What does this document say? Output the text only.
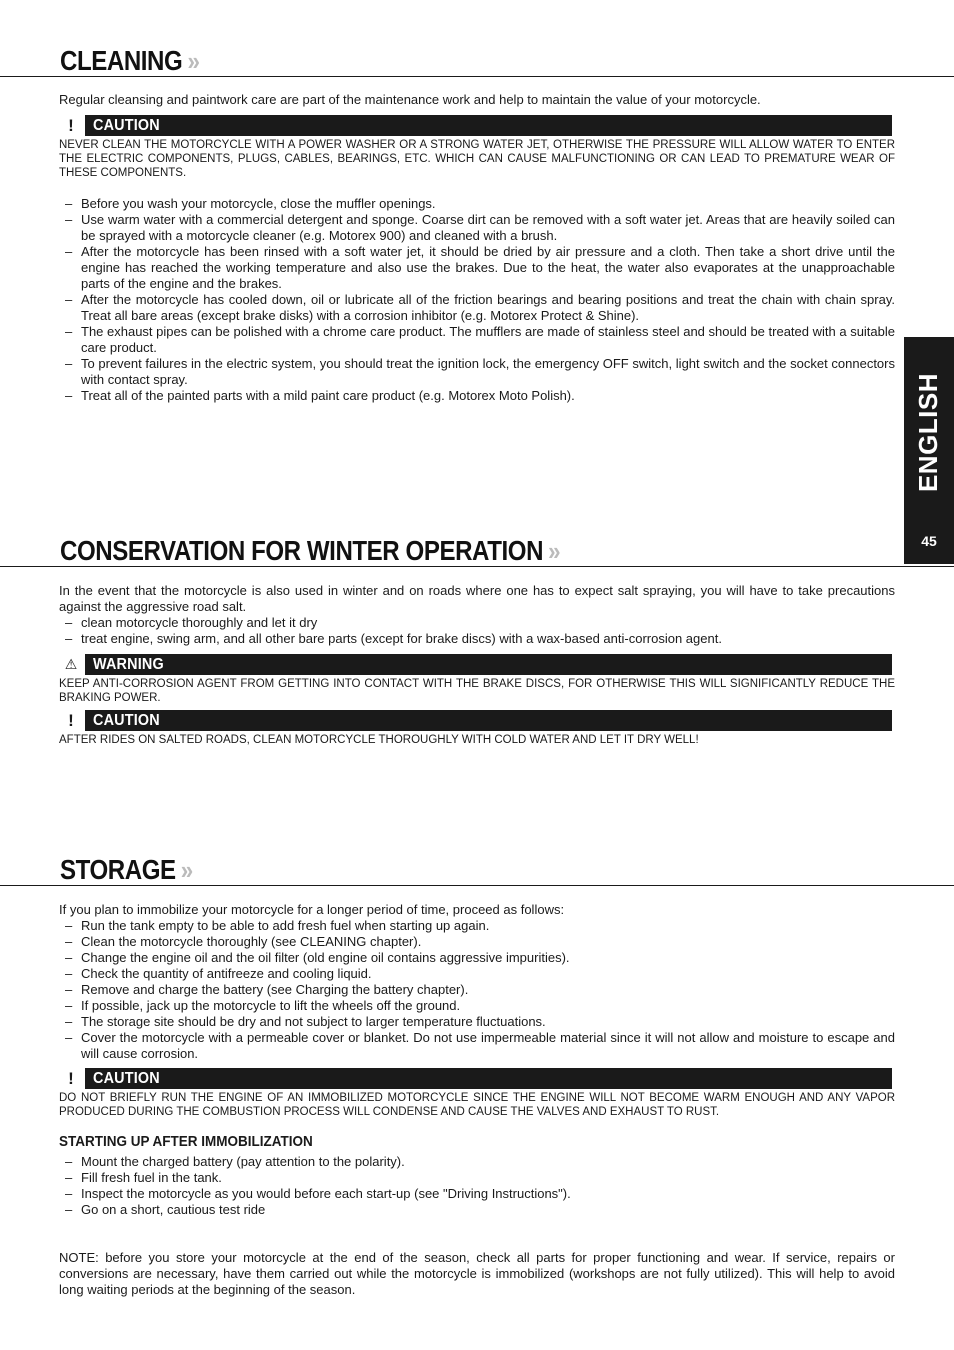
CLEANING »

Regular cleansing and paintwork care are part of the maintenance work and help to maintain the value of your motorcycle.

!	CAUTION
NEVER CLEAN THE MOTORCYCLE WITH A POWER WASHER OR A STRONG WATER JET, OTHERWISE THE PRESSURE WILL ALLOW WATER TO ENTER THE ELECTRIC COMPONENTS, PLUGS, CABLES, BEARINGS, ETC. WHICH CAN CAUSE MALFUNCTIONING OR CAN LEAD TO PREMATURE WEAR OF THESE COMPONENTS.
– Before you wash your motorcycle, close the muffler openings.
– Use warm water with a commercial detergent and sponge. Coarse dirt can be removed with a soft water jet. Areas that are heavily soiled can be sprayed with a motorcycle cleaner (e.g. Motorex 900) and cleaned with a brush.
– After the motorcycle has been rinsed with a soft water jet, it should be dried by air pressure and a cloth. Then take a short drive until the engine has reached the working temperature and also use the brakes. Due to the heat, the water also evaporates at the unapproachable parts of the engine and the brakes.
– After the motorcycle has cooled down, oil or lubricate all of the friction bearings and bearing positions and treat the chain with chain spray. Treat all bare areas (except brake disks) with a corrosion inhibitor (e.g. Motorex Protect & Shine).
– The exhaust pipes can be polished with a chrome care product. The mufflers are made of stainless steel and should be treated with a suitable care product.
– To prevent failures in the electric system, you should treat the ignition lock, the emergency OFF switch, light switch and the socket connectors with contact spray.
– Treat all of the painted parts with a mild paint care product (e.g. Motorex Moto Polish).
CONSERVATION FOR WINTER OPERATION »

In the event that the motorcycle is also used in winter and on roads where one has to expect salt spraying, you will have to take precautions against the aggressive road salt.

– clean motorcycle thoroughly and let it dry
– treat engine, swing arm, and all other bare parts (except for brake discs) with a wax-based anti-corrosion agent.
⚠ WARNING
KEEP ANTI-CORROSION AGENT FROM GETTING INTO CONTACT WITH THE BRAKE DISCS, FOR OTHERWISE THIS WILL SIGNIFICANTLY REDUCE THE BRAKING POWER.
!	CAUTION
AFTER RIDES ON SALTED ROADS, CLEAN MOTORCYCLE THOROUGHLY WITH COLD WATER AND LET IT DRY WELL!
STORAGE »

If you plan to immobilize your motorcycle for a longer period of time, proceed as follows:

– Run the tank empty to be able to add fresh fuel when starting up again.
– Clean the motorcycle thoroughly (see CLEANING chapter).
– Change the engine oil and the oil filter (old engine oil contains aggressive impurities).
– Check the quantity of antifreeze and cooling liquid.
– Remove and charge the battery (see Charging the battery chapter).
– If possible, jack up the motorcycle to lift the wheels off the ground.
– The storage site should be dry and not subject to larger temperature fluctuations.
– Cover the motorcycle with a permeable cover or blanket. Do not use impermeable material since it will not allow and moisture to escape and will cause corrosion.
!	CAUTION
DO NOT BRIEFLY RUN THE ENGINE OF AN IMMOBILIZED MOTORCYCLE SINCE THE ENGINE WILL NOT BECOME WARM ENOUGH AND ANY VAPOR PRODUCED DURING THE COMBUSTION PROCESS WILL CONDENSE AND CAUSE THE VALVES AND EXHAUST TO RUST.
STARTING UP AFTER IMMOBILIZATION
– Mount the charged battery (pay attention to the polarity).
– Fill fresh fuel in the tank.
– Inspect the motorcycle as you would before each start-up (see "Driving Instructions").
– Go on a short, cautious test ride

NOTE: before you store your motorcycle at the end of the season, check all parts for proper functioning and wear. If service, repairs or conversions are necessary, have them carried out while the motorcycle is immobilized (workshops are not fully utilized). This will help to avoid long waiting periods at the beginning of the season.

ENGLISH
45
